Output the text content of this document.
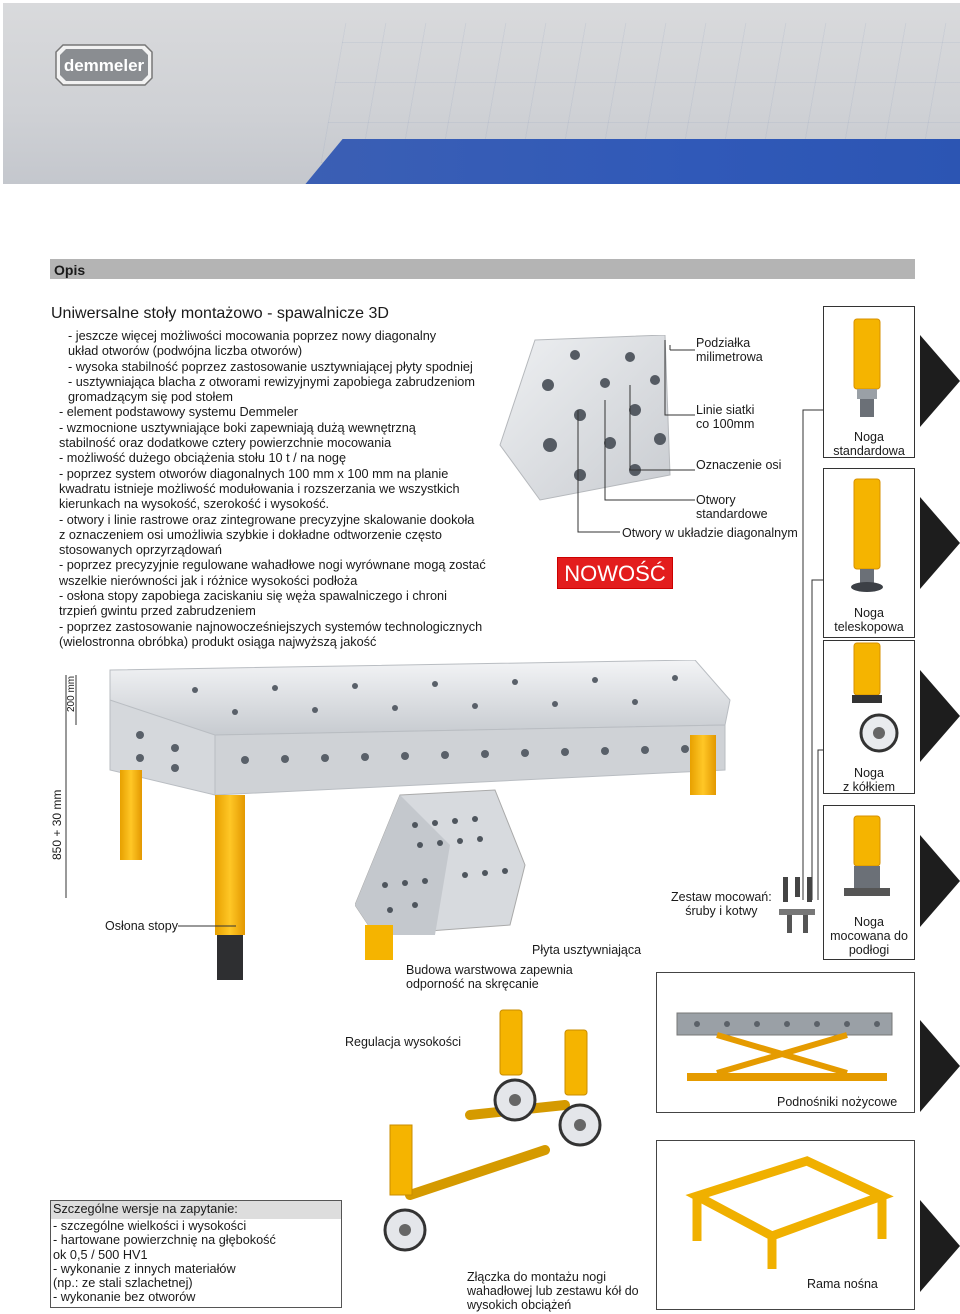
demmeler
Opis
Uniwersalne stoły montażowo - spawalnicze 3D
- jeszcze więcej możliwości mocowania poprzez nowy diagonalny
układ otworów (podwójna liczba otworów)
- wysoka stabilność poprzez zastosowanie usztywniającej płyty spodniej
- usztywniająca blacha z otworami rewizyjnymi zapobiega zabrudzeniom
gromadzącym się pod stołem
- element podstawowy systemu Demmeler
- wzmocnione usztywniające boki zapewniają dużą wewnętrzną
stabilność oraz dodatkowe cztery powierzchnie mocowania
- możliwość dużego obciążenia stołu 10 t / na nogę
- poprzez system otworów diagonalnych 100 mm x 100 mm na planie
kwadratu istnieje możliwość modułowania i rozszerzania we wszystkich
kierunkach na wysokość, szerokość i wysokość.
- otwory i linie rastrowe oraz zintegrowane precyzyjne skalowanie dookoła
z oznaczeniem osi umożliwia szybkie i dokładne odtworzenie często
stosowanych oprzyrządowań
- poprzez precyzyjnie regulowane wahadłowe nogi wyrównane mogą zostać
wszelkie nierówności jak i różnice wysokości podłoża
- osłona stopy zapobiega zaciskaniu się węża spawalniczego i chroni
trzpień gwintu przed zabrudzeniem
- poprzez zastosowanie najnowocześniejszych systemów technologicznych
(wielostronna obróbka) produkt osiąga najwyższą jakość
Podziałka
milimetrowa
Linie siatki
co 100mm
Oznaczenie osi
Otwory
standardowe
Otwory w układzie diagonalnym
NOWOŚĆ
Noga
standardowa
Noga
teleskopowa
Noga
z kółkiem
Noga
mocowana do
podłogi
200 mm
850 + 30 mm
Osłona stopy
Płyta usztywniająca
Budowa warstwowa zapewnia
odporność na skręcanie
Zestaw mocowań:
śruby i kotwy
Regulacja wysokości
Złączka do montażu nogi
wahadłowej lub zestawu kół do
wysokich obciążeń
Podnośniki nożycowe
Rama nośna
Szczególne wersje na zapytanie:
- szczególne wielkości i wysokości
- hartowane powierzchnię na głębokość
ok 0,5 / 500 HV1
- wykonanie z innych materiałów
(np.: ze stali szlachetnej)
- wykonanie bez otworów
